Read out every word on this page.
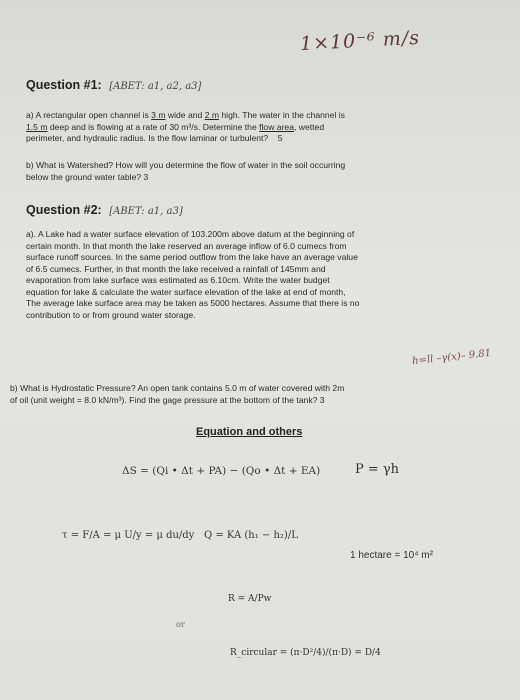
1×10⁻⁶ m/s
Question #1: [ABET: a1, a2, a3]
a) A rectangular open channel is 3 m wide and 2 m high. The water in the channel is
1.5 m deep and is flowing at a rate of 30 m³/s. Determine the flow area, wetted
perimeter, and hydraulic radius. Is the flow laminar or turbulent? 5
b) What is Watershed? How will you determine the flow of water in the soil occurring
below the ground water table? 3
Question #2: [ABET: a1, a3]
a). A Lake had a water surface elevation of 103.200m above datum at the beginning of
certain month. In that month the lake reserved an average inflow of 6.0 cumecs from
surface runoff sources. In the same period outflow from the lake have an average value
of 6.5 cumecs. Further, in that month the lake received a rainfall of 145mm and
evaporation from lake surface was estimated as 6.10cm. Write the water budget
equation for lake & calculate the water surface elevation of the lake at end of month,
The average lake surface area may be taken as 5000 hectares. Assume that there is no
contribution to or from ground water storage.
h=ll –γ(x)– 9.81
b) What is Hydrostatic Pressure? An open tank contains 5.0 m of water covered with 2m
of oil (unit weight = 8.0 kN/m³). Find the gage pressure at the bottom of the tank? 3
Equation and others
ΔS = (Qi • Δt + PA) − (Qo • Δt + EA)	P = γh
τ = F/A = μ U/y = μ du/dy Q = KA (h₁ − h₂)/L
1 hectare = 10⁴ m²
R = A/Pw
or
R_circular = (π·D²/4)/(π·D) = D/4
